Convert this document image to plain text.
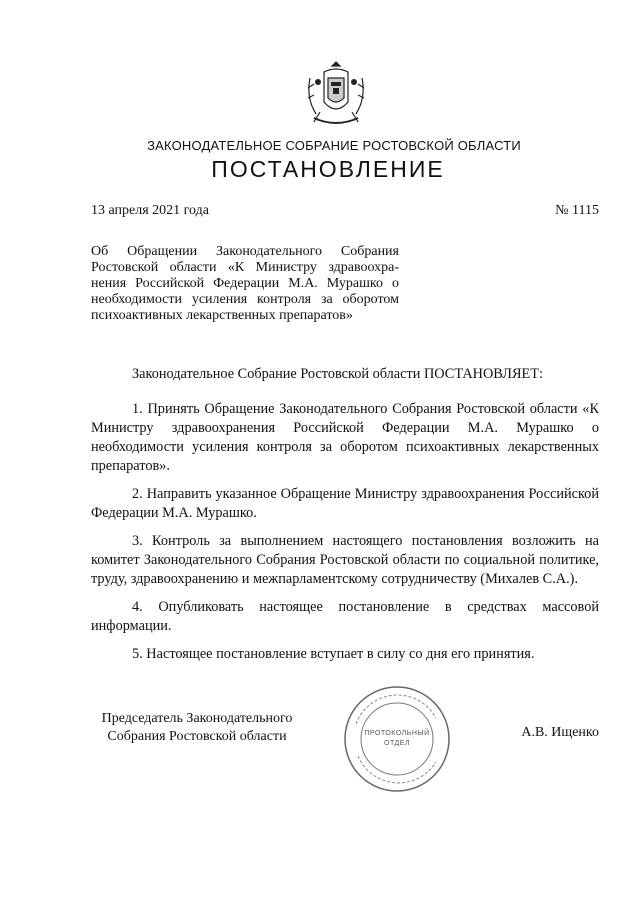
ЗАКОНОДАТЕЛЬНОЕ СОБРАНИЕ РОСТОВСКОЙ ОБЛАСТИ
ПОСТАНОВЛЕНИЕ
13 апреля 2021 года	№ 1115
Об Обращении Законодательного Собрания
Ростовской области «К Министру здравоохра-
нения Российской Федерации М.А. Мурашко о
необходимости усиления контроля за оборотом
психоактивных лекарственных препаратов»
Законодательное Собрание Ростовской области ПОСТАНОВЛЯЕТ:

1. Принять Обращение Законодательного Собрания Ростовской области «К Министру здравоохранения Российской Федерации М.А. Мурашко о необходимости усиления контроля за оборотом психоактивных лекарственных препаратов».

2. Направить указанное Обращение Министру здравоохранения Российской Федерации М.А. Мурашко.

3. Контроль за выполнением настоящего постановления возложить на комитет Законодательного Собрания Ростовской области по социальной политике, труду, здравоохранению и межпарламентскому сотрудничеству (Михалев С.А.).

4. Опубликовать настоящее постановление в средствах массовой информации.

5. Настоящее постановление вступает в силу со дня его принятия.

Председатель Законодательного
Собрания Ростовской области	ПРОТОКОЛЬНЫЙ
ОТДЕЛ
А.В. Ищенко
